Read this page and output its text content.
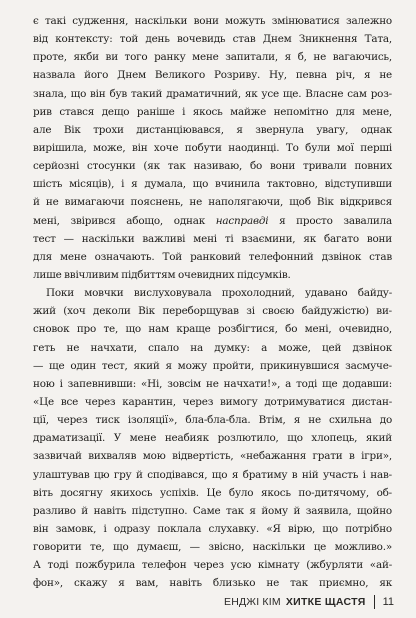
є такі судження, наскільки вони можуть змінюватися залежно
від контексту: той день вочевидь став Днем Зникнення Тата,
проте, якби ви того ранку мене запитали, я б, не вагаючись,
назвала його Днем Великого Розриву. Ну, певна річ, я не
знала, що він був такий драматичний, як усе ще. Власне сам роз-
рив стався дещо раніше і якось майже непомітно для мене,
але Вік трохи дистанціювався, я звернула увагу, однак
вирішила, може, він хоче побути наодинці. То були мої перші
серйозні стосунки (як так називаю, бо вони тривали повних
шість місяців), і я думала, що вчинила тактовно, відступивши
й не вимагаючи пояснень, не наполягаючи, щоб Вік відкрився
мені, звірився абощо, однак насправді я просто завалила
тест — наскільки важливі мені ті взаємини, як багато вони
для мене означають. Той ранковий телефонний дзвінок став
лише ввічливим підбиттям очевидних підсумків.
Поки мовчки вислуховувала прохолодний, удавано байду-
жий (хоч деколи Вік переборщував зі своєю байдужістю) ви-
сновок про те, що нам краще розбігтися, бо мені, очевидно,
геть не начхати, спало на думку: а може, цей дзвінок
— ще один тест, який я можу пройти, прикинувшися засмуче-
ною і запевнивши: «Ні, зовсім не начхати!», а тоді ще додавши:
«Це все через карантин, через вимогу дотримуватися дистан-
ції, через тиск ізоляції», бла-бла-бла. Втім, я не схильна до
драматизації. У мене неабияк розлютило, що хлопець, який
зазвичай вихваляв мою відвертість, «небажання грати в ігри»,
улаштував цю гру й сподівався, що я братиму в ній участь і нав-
віть досягну якихось успіхів. Це було якось по-дитячому, об-
разливо й навіть підступно. Саме так я йому й заявила, щойно
він замовк, і одразу поклала слухавку. «Я вірю, що потрібно
говорити те, що думаєш, — звісно, наскільки це можливо.»
А тоді пожбурила телефон через усю кімнату (жбурляти «ай-
фон», скажу я вам, навіть близько не так приємно, як
ЕНДЖІ КІМ ХИТКЕ ЩАСТЯ 11
